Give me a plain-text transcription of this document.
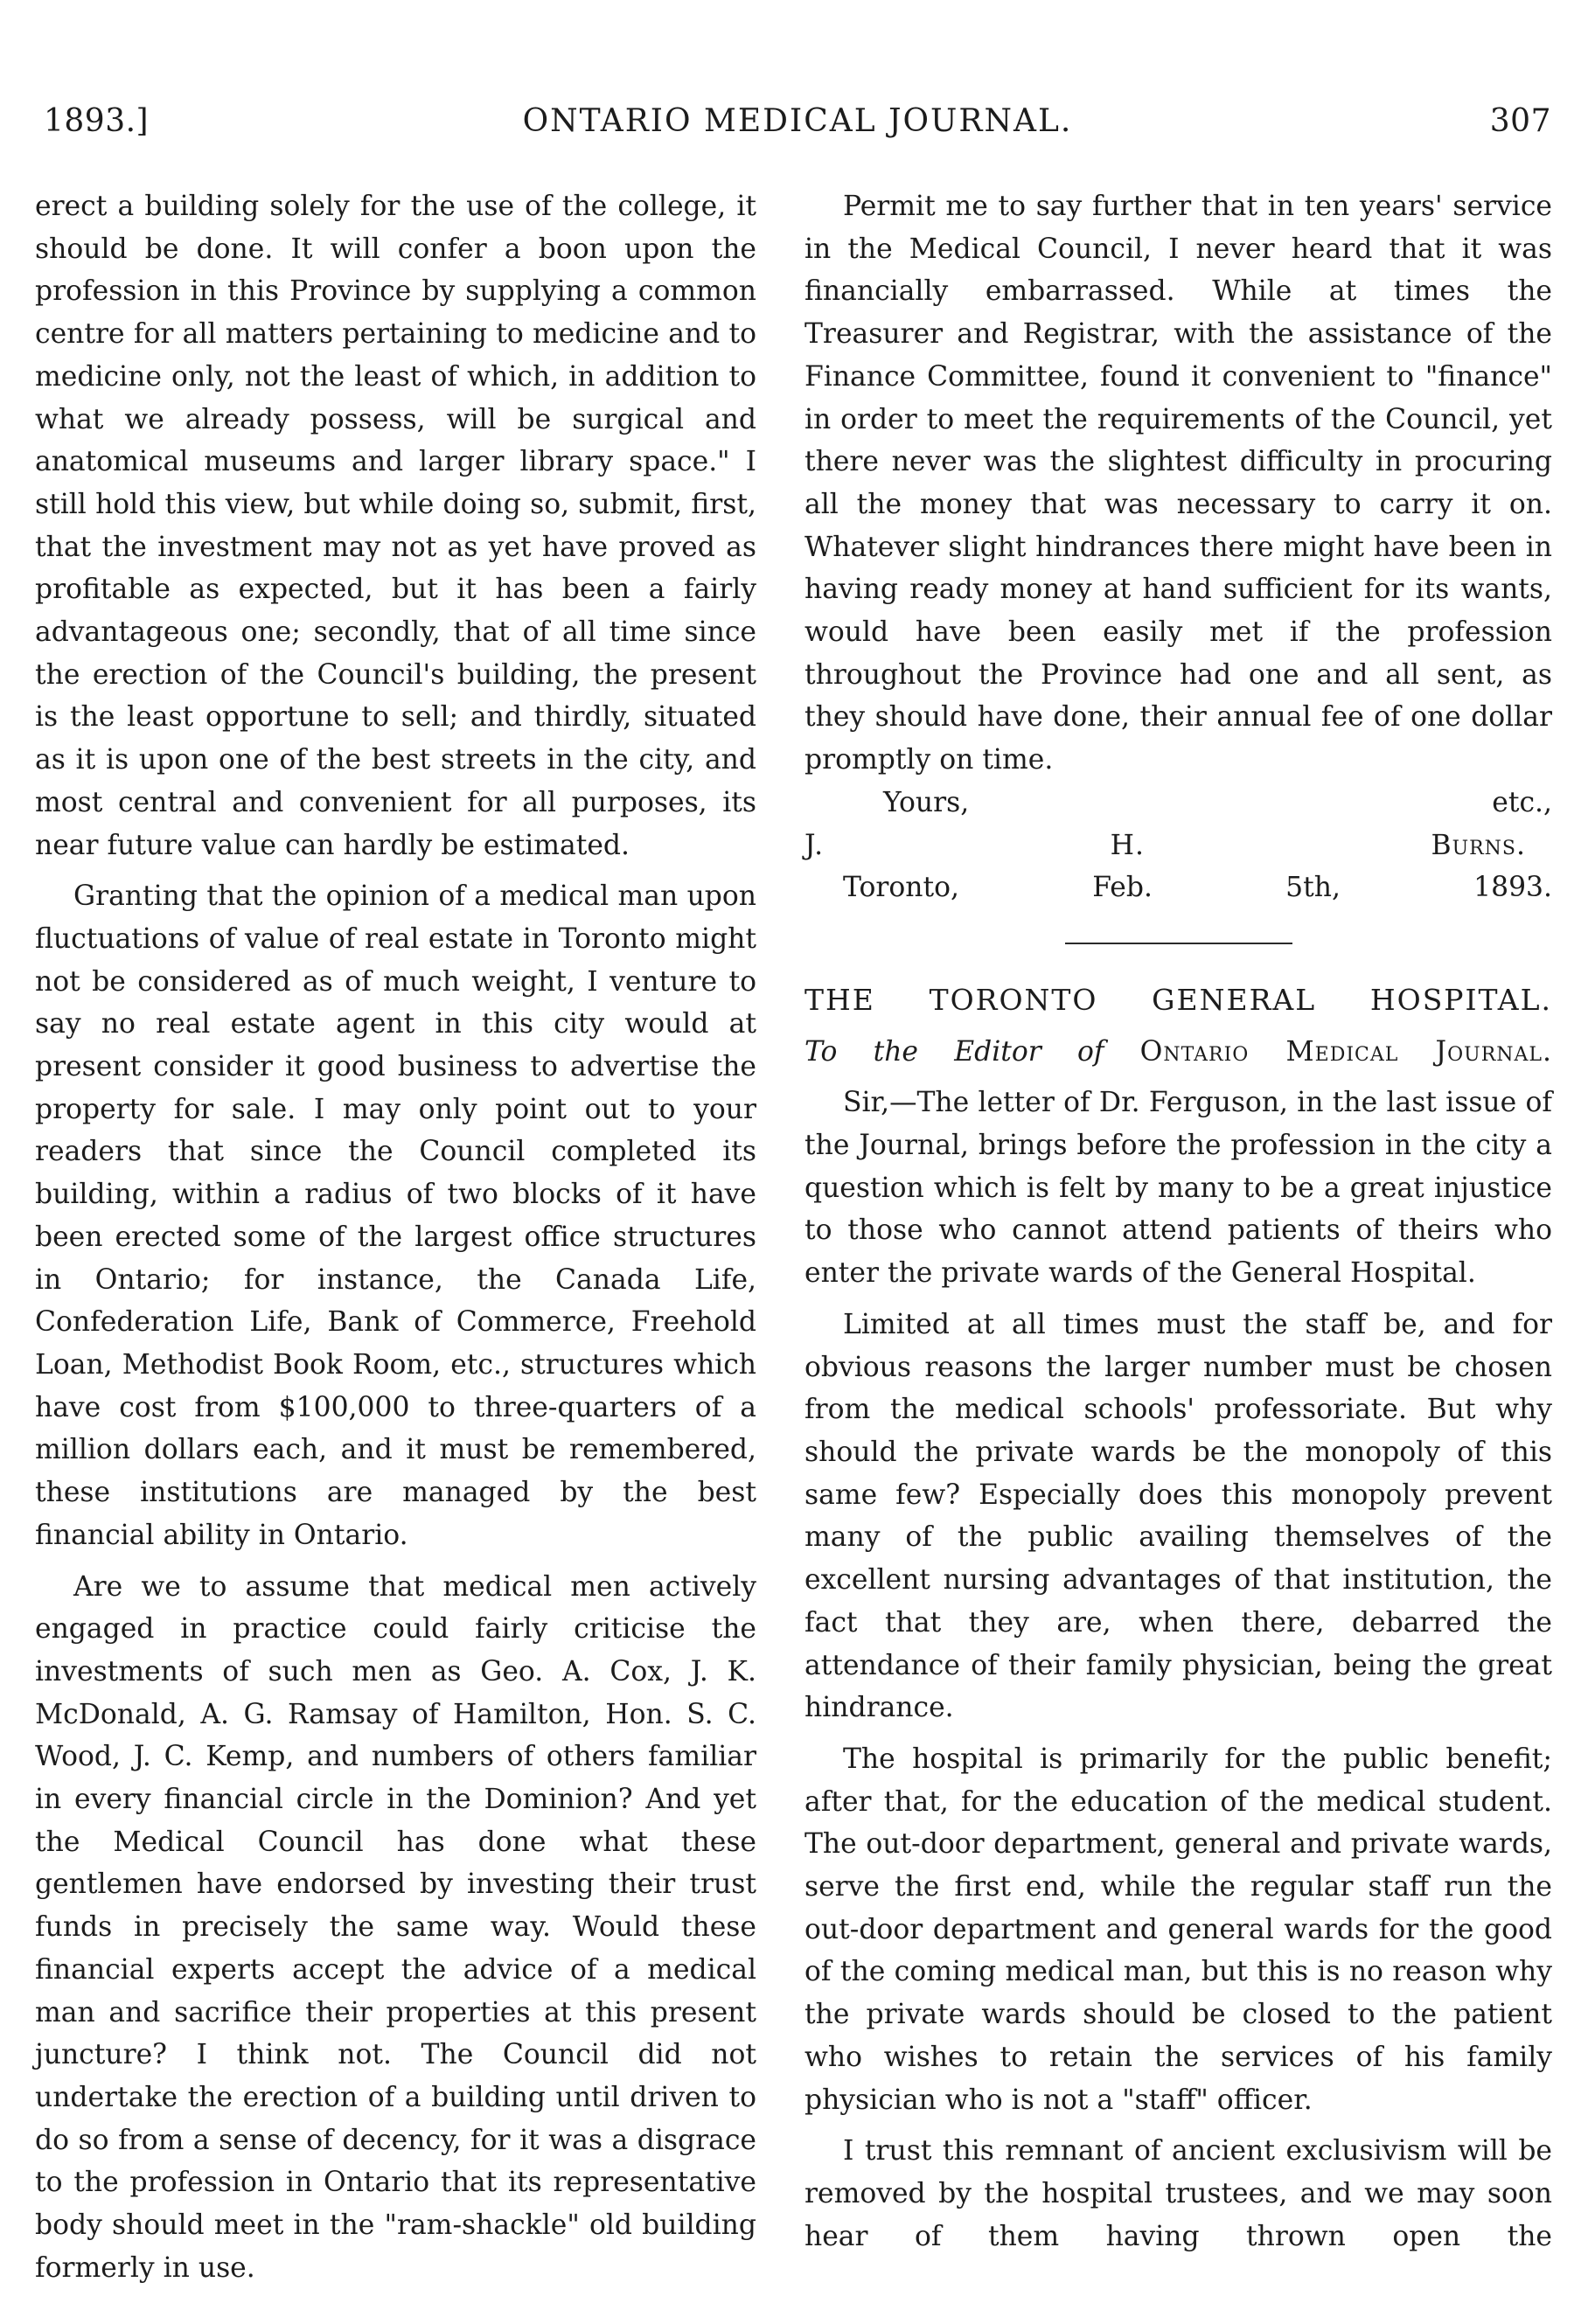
1893.]	ONTARIO MEDICAL JOURNAL.	307

erect a building solely for the use of the college, it should be done. It will confer a boon upon the profession in this Province by supplying a common centre for all matters pertaining to medicine and to medicine only, not the least of which, in addition to what we already possess, will be surgical and anatomical museums and larger library space." I still hold this view, but while doing so, submit, first, that the investment may not as yet have proved as profitable as expected, but it has been a fairly advantageous one; secondly, that of all time since the erection of the Council's building, the present is the least opportune to sell; and thirdly, situated as it is upon one of the best streets in the city, and most central and convenient for all purposes, its near future value can hardly be estimated.

Granting that the opinion of a medical man upon fluctuations of value of real estate in Toronto might not be considered as of much weight, I venture to say no real estate agent in this city would at present consider it good business to advertise the property for sale. I may only point out to your readers that since the Council completed its building, within a radius of two blocks of it have been erected some of the largest office structures in Ontario; for instance, the Canada Life, Confederation Life, Bank of Commerce, Freehold Loan, Methodist Book Room, etc., structures which have cost from $100,000 to three-quarters of a million dollars each, and it must be remembered, these institutions are managed by the best financial ability in Ontario.

Are we to assume that medical men actively engaged in practice could fairly criticise the investments of such men as Geo. A. Cox, J. K. McDonald, A. G. Ramsay of Hamilton, Hon. S. C. Wood, J. C. Kemp, and numbers of others familiar in every financial circle in the Dominion? And yet the Medical Council has done what these gentlemen have endorsed by investing their trust funds in precisely the same way. Would these financial experts accept the advice of a medical man and sacrifice their properties at this present juncture? I think not. The Council did not undertake the erection of a building until driven to do so from a sense of decency, for it was a disgrace to the profession in Ontario that its representative body should meet in the "ram-shackle" old building formerly in use.

Permit me to say further that in ten years' service in the Medical Council, I never heard that it was financially embarrassed. While at times the Treasurer and Registrar, with the assistance of the Finance Committee, found it convenient to "finance" in order to meet the requirements of the Council, yet there never was the slightest difficulty in procuring all the money that was necessary to carry it on. Whatever slight hindrances there might have been in having ready money at hand sufficient for its wants, would have been easily met if the profession throughout the Province had one and all sent, as they should have done, their annual fee of one dollar promptly on time.

Yours, etc.,

J. H. Burns.

Toronto, Feb. 5th, 1893.

THE TORONTO GENERAL HOSPITAL.

To the Editor of Ontario Medical Journal.

Sir,—The letter of Dr. Ferguson, in the last issue of the Journal, brings before the profession in the city a question which is felt by many to be a great injustice to those who cannot attend patients of theirs who enter the private wards of the General Hospital.

Limited at all times must the staff be, and for obvious reasons the larger number must be chosen from the medical schools' professoriate. But why should the private wards be the monopoly of this same few? Especially does this monopoly prevent many of the public availing themselves of the excellent nursing advantages of that institution, the fact that they are, when there, debarred the attendance of their family physician, being the great hindrance.

The hospital is primarily for the public benefit; after that, for the education of the medical student. The out-door department, general and private wards, serve the first end, while the regular staff run the out-door department and general wards for the good of the coming medical man, but this is no reason why the private wards should be closed to the patient who wishes to retain the services of his family physician who is not a "staff" officer.

I trust this remnant of ancient exclusivism will be removed by the hospital trustees, and we may soon hear of them having thrown open the
